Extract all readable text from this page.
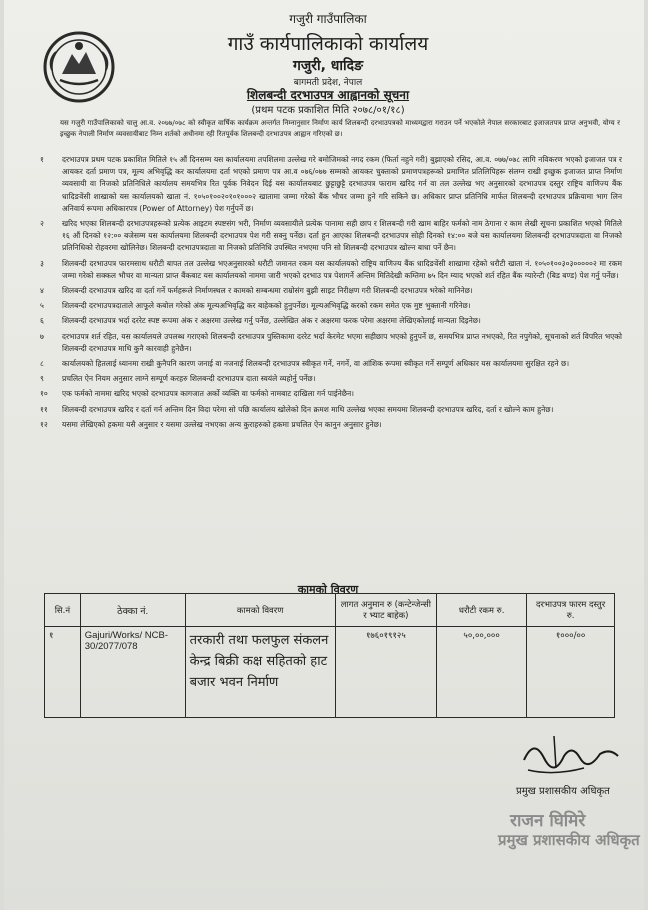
गजुरी गाउँपालिका
गाउँ कार्यपालिकाको कार्यालय
गजुरी, धादिङ
बागमती प्रदेश, नेपाल
शिलबन्दी दरभाउपत्र आह्वानको सूचना
(प्रथम पटक प्रकाशित मिति २०७८/०१/१८)
यस गजुरी गाउँपालिकाको चालु आ.व. २०७७/०७८ को स्वीकृत वार्षिक कार्यक्रम अन्तर्गत निम्नानुसार निर्माण कार्य शिलबन्दी दरभाउपत्रको माध्यमद्वारा गराउन पर्ने भएकोले नेपाल सरकारबाट इजाजतपत्र प्राप्त अनुभवी, योग्य र इच्छुक नेपाली निर्माण व्यवसायीबाट निम्न शर्तको अधीनमा रही रितपूर्वक शिलबन्दी दरभाउपत्र आह्वान गरिएको छ।
१	दरभाउपत्र प्रथम पटक प्रकाशित मितिले १५ औं दिनसम्म यस कार्यालयमा तपशिलमा उल्लेख गरे बमोजिमको नगद रकम (फिर्ता नहुने गरी) बुझाएको रसिद, आ.व. ०७७/०७८ लागि नविकरण भएको इजाजत पत्र र आयकर दर्ता प्रमाण पत्र, मूल्य अभिवृद्धि कर कार्यालयमा दर्ता भएको प्रमाण पत्र आ.व ०७६/०७७ सम्मको आयकर चुक्ताको प्रमाणपत्रहरूको प्रमाणित प्रतिलिपिहरू संलग्न राखी इच्छुक इजाजत प्राप्त निर्माण व्यवसायी वा निजको प्रतिनिधिले कार्यालय समयभित्र रित पूर्वक निवेदन दिई यस कार्यालयबाट छुट्टाछुट्टै दरभाउपत्र फाराम खरिद गर्न वा तल उल्लेख भए अनुसारको दरभाउपत्र दस्तुर राष्ट्रिय वाणिज्य बैंक धादिङवेंसी शाखाको यस कार्यालयको खाता नं. १०५०१००२०१०१०००२ खातामा जम्मा गरेको बैंक भौचर जम्मा हुने गरि सकिने छ। अधिकार प्राप्त प्रतिनिधि मार्फत शिलबन्दी दरभाउपत्र प्रक्रियामा भाग लिन अनिवार्य रूपमा अधिकारपत्र (Power of Attorney) पेश गर्नुपर्ने छ।
२	खरिद भएका शिलबन्दी दरभाउपत्रहरूको प्रत्येक आइटम स्पष्टसंग भरी, निर्माण व्यवसायीले प्रत्येक पानामा सही छाप र शिलबन्दी गरी खाम बाहिर फर्मको नाम ठेगाना र काम लेखी सूचना प्रकाशित भएको मितिले १६ औं दिनको १२:०० बजेसम्म यस कार्यालयमा शिलबन्दी दरभाउपत्र पेश गरी सक्नु पर्नेछ। दर्ता हुन आएका शिलबन्दी दरभाउपत्र सोही दिनको १४:०० बजे यस कार्यालयमा शिलबन्दी दरभाउपत्रदाता वा निजको प्रतिनिधिको रोहवरमा खोलिनेछ। शिलबन्दी दरभाउपत्रदाता वा निजको प्रतिनिधि उपस्थित नभएमा पनि सो शिलबन्दी दरभाउपत्र खोल्न बाधा पर्ने छैन।
३	शिलबन्दी दरभाउपत्र फारमसाथ धरौटी बापत तल उल्लेख भएअनुसारको धरौटी जमानत रकम यस कार्यालयको राष्ट्रिय वाणिज्य बैंक धादिङवेंसी शाखामा रहेको धरौटी खाता नं. १०५०१००३०३०००००२ मा रकम जम्मा गरेको सक्कल भौचर वा मान्यता प्राप्त बैंकबाट यस कार्यालयको नाममा जारी भएको दरभाउ पत्र पेशागर्ने अन्तिम मितिदेखी कम्तिमा ७५ दिन म्याद भएको शर्त रहित बैंक ग्यारेन्टी (बिड बण्ड) पेश गर्नु पर्नेछ।
४	शिलबन्दी दरभाउपत्र खरिद वा दर्ता गर्ने फर्महरूले निर्माणस्थल र कामको सम्बन्धमा राम्रोसंग बुझी साइट निरीक्षण गरी शिलबन्दी दरभाउपत्र भरेको मानिनेछ।
५	शिलबन्दी दरभाउपत्रदाताले आफूले कबोल गरेको अंक मूल्यअभिवृद्धि कर बाहेकको हुनुपर्नेछ। मूल्यअभिवृद्धि करको रकम समेत एक मुष्ट भुक्तानी गरिनेछ।
६	शिलबन्दी दरभाउपत्र भर्दा दररेट स्पष्ट रूपमा अंक र अक्षरमा उल्लेख गर्नु पर्नेछ, उल्लेखित अंक र अक्षरमा फरक परेमा अक्षरमा लेखिएकोलाई मान्यता दिइनेछ।
७	दरभाउपत्र शर्त रहित, यस कार्यालयले उपलब्ध गराएको शिलबन्दी दरभाउपत्र पुस्तिकामा दररेट भर्दा केरमेट भएमा सहीछाप भएको हुनुपर्ने छ, समयभित्र प्राप्त नभएको, रित नपुगेको, सूचनाको शर्त विपरित भएको शिलबन्दी दरभाउपत्र माथि कुनै कारवाही हुनेछैन।
८	कार्यालयको हितलाई ध्यानमा राखी कुनैपनि कारण जनाई वा नजनाई शिलबन्दी दरभाउपत्र स्वीकृत गर्ने, नगर्ने, वा आंशिक रूपमा स्वीकृत गर्ने सम्पूर्ण अधिकार यस कार्यालयमा सुरक्षित रहने छ।
९	प्रचलित ऐन नियम अनुसार लाग्ने सम्पूर्ण करहरु शिलबन्दी दरभाउपत्र दाता स्वयंले व्यहोर्नु पर्नेछ।
१०	एक फर्मको नाममा खरिद भएको दरभाउपत्र कागजात अर्को व्यक्ति वा फर्मको नामबाट दाखिला गर्न पाईनेछैन।
११	शिलबन्दी दरभाउपत्र खरिद र दर्ता गर्न अन्तिम दिन विदा परेमा सो पछि कार्यालय खोलेको दिन क्रमश माथि उल्लेख भएका समयमा शिलबन्दी दरभाउपत्र खरिद, दर्ता र खोल्ने काम हुनेछ।
१२	यसमा लेखिएको हकमा यसै अनुसार र यसमा उल्लेख नभएका अन्य कुराहरुको हकमा प्रचलित ऐन कानुन अनुसार हुनेछ।
कामको विवरण
सि.नं	ठेक्का नं.	कामको विवरण	लागत अनुमान रु (कन्टेन्जेन्सी र भ्याट बाहेक)	धरौटी रकम रु.	दरभाउपत्र फारम दस्तुर रु.
१	Gajuri/Works/ NCB-30/2077/078	तरकारी तथा फलफुल संकलन केन्द्र बिक्री कक्ष सहितको हाट बजार भवन निर्माण	१७६०१९१२५	५०,००,०००	१०००/००
प्रमुख प्रशासकीय अधिकृत
राजन घिमिरे
प्रमुख प्रशासकीय अधिकृत
